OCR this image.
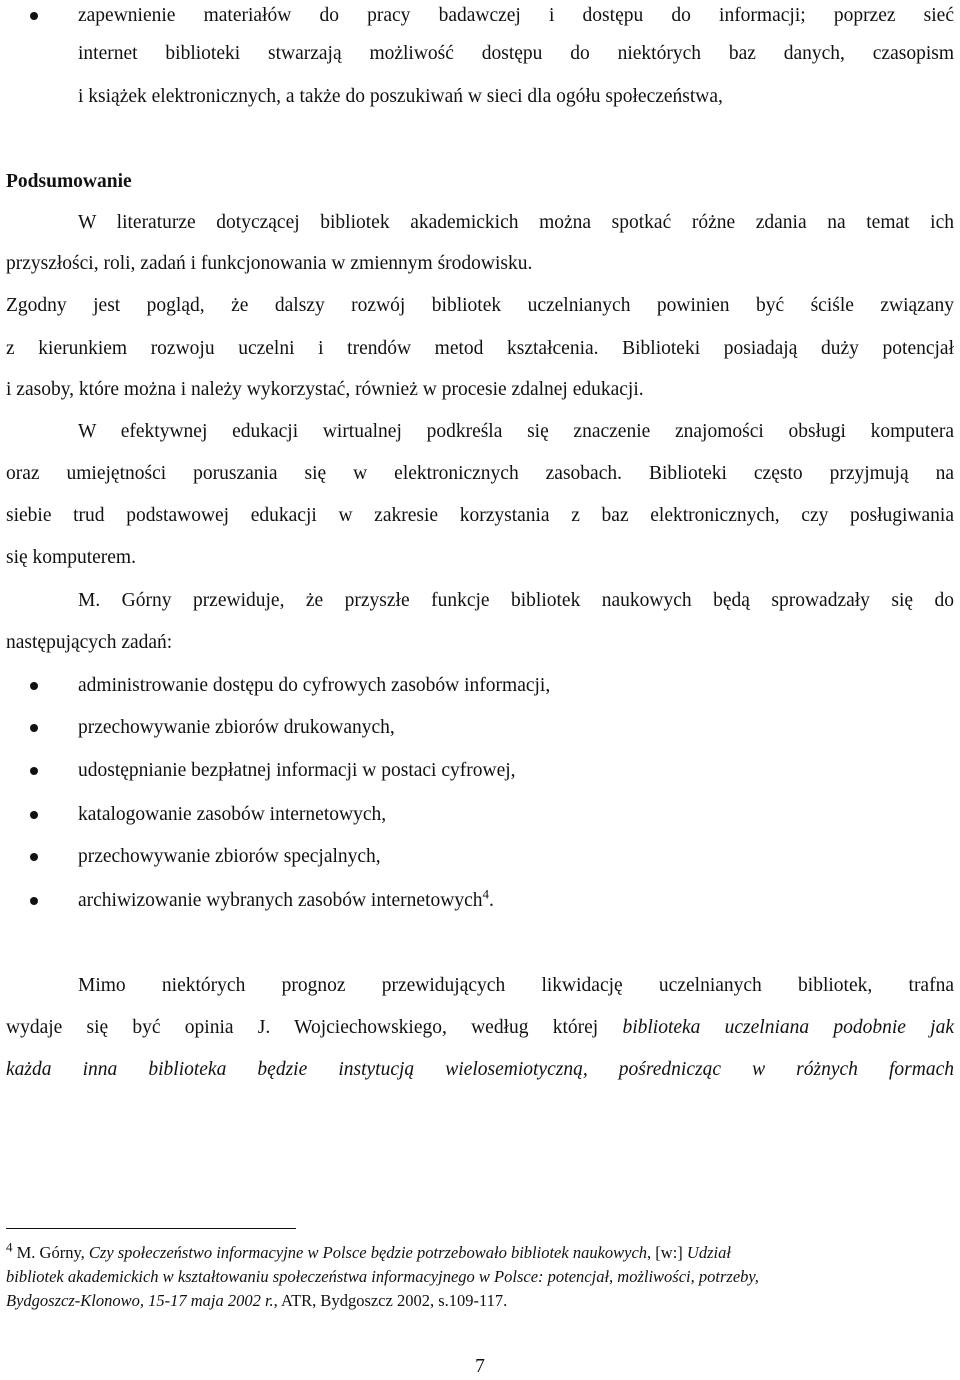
zapewnienie materiałów do pracy badawczej i dostępu do informacji; poprzez sieć
internet biblioteki stwarzają możliwość dostępu do niektórych baz danych, czasopism
i książek elektronicznych, a także do poszukiwań w sieci dla ogółu społeczeństwa,
Podsumowanie
W literaturze dotyczącej bibliotek akademickich można spotkać różne zdania na temat ich
przyszłości, roli, zadań i funkcjonowania w zmiennym środowisku.
Zgodny jest pogląd, że dalszy rozwój bibliotek uczelnianych powinien być ściśle związany
z kierunkiem rozwoju uczelni i trendów metod kształcenia. Biblioteki posiadają duży potencjał
i zasoby, które można i należy wykorzystać, również w procesie zdalnej edukacji.
W efektywnej edukacji wirtualnej podkreśla się znaczenie znajomości obsługi komputera
oraz umiejętności poruszania się w elektronicznych zasobach. Biblioteki często przyjmują na
siebie trud podstawowej edukacji w zakresie korzystania z baz elektronicznych, czy posługiwania
się komputerem.
M. Górny przewiduje, że przyszłe funkcje bibliotek naukowych będą sprowadzały się do
następujących zadań:
administrowanie dostępu do cyfrowych zasobów informacji,
przechowywanie zbiorów drukowanych,
udostępnianie bezpłatnej informacji w postaci cyfrowej,
katalogowanie zasobów internetowych,
przechowywanie zbiorów specjalnych,
archiwizowanie wybranych zasobów internetowych$^4$.
Mimo niektórych prognoz przewidujących likwidację uczelnianych bibliotek, trafna
wydaje się być opinia J. Wojciechowskiego, według której biblioteka uczelniana podobnie jak
każda inna biblioteka będzie instytucją wielosemiotyczną, pośrednicząc w różnych formach
$^4$ M. Górny, Czy społeczeństwo informacyjne w Polsce będzie potrzebowało bibliotek naukowych, [w:] Udział
bibliotek akademickich w kształtowaniu społeczeństwa informacyjnego w Polsce: potencjał, możliwości, potrzeby,
Bydgoszcz-Klonowo, 15-17 maja 2002 r., ATR, Bydgoszcz 2002, s.109-117.
7
